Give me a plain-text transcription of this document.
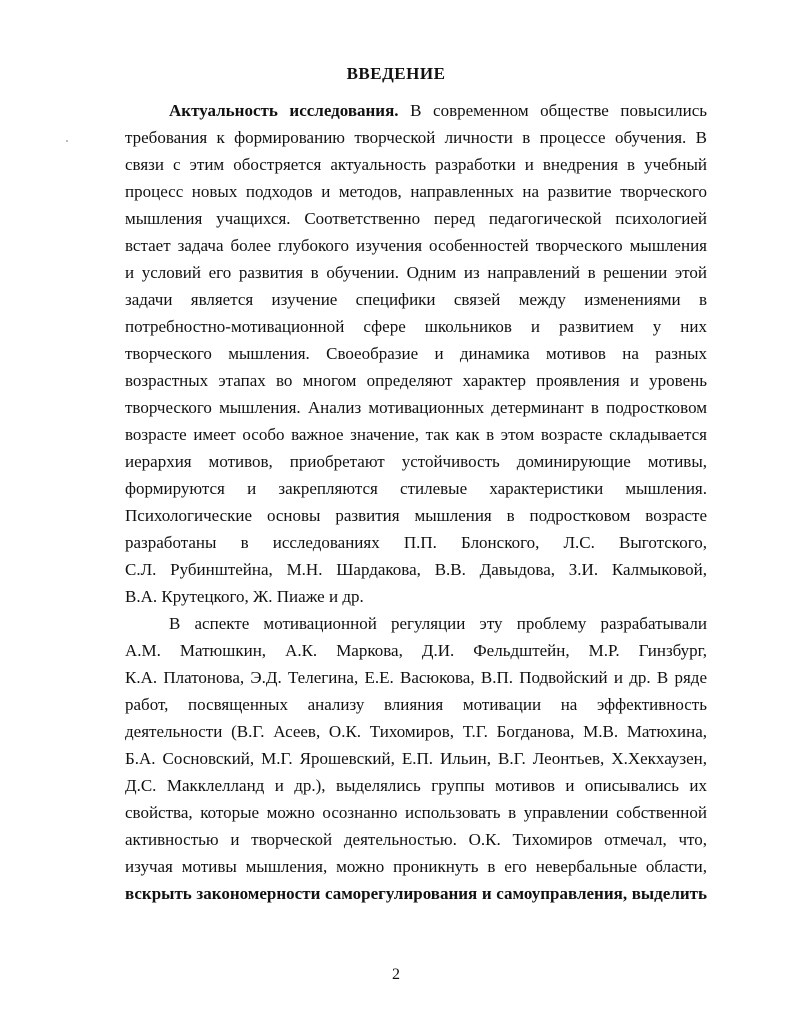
ВВЕДЕНИЕ
Актуальность исследования. В современном обществе повысились
требования к формированию творческой личности в процессе обучения. В
связи с этим обостряется актуальность разработки и внедрения в учебный
процесс новых подходов и методов, направленных на развитие творческого
мышления учащихся. Соответственно перед педагогической психологией
встает задача более глубокого изучения особенностей творческого мышления
и условий его развития в обучении. Одним из направлений в решении этой
задачи является изучение специфики связей между изменениями в
потребностно-мотивационной сфере школьников и развитием у них
творческого мышления. Своеобразие и динамика мотивов на разных
возрастных этапах во многом определяют характер проявления и уровень
творческого мышления. Анализ мотивационных детерминант в подростковом
возрасте имеет особо важное значение, так как в этом возрасте складывается
иерархия мотивов, приобретают устойчивость доминирующие мотивы,
формируются и закрепляются стилевые характеристики мышления.
Психологические основы развития мышления в подростковом возрасте
разработаны в исследованиях П.П. Блонского, Л.С. Выготского,
С.Л. Рубинштейна, М.Н. Шардакова, В.В. Давыдова, З.И. Калмыковой,
В.А. Крутецкого, Ж. Пиаже и др.
В аспекте мотивационной регуляции эту проблему разрабатывали
А.М. Матюшкин, А.К. Маркова, Д.И. Фельдштейн, М.Р. Гинзбург,
К.А. Платонова, Э.Д. Телегина, Е.Е. Васюкова, В.П. Подвойский и др. В ряде
работ, посвященных анализу влияния мотивации на эффективность
деятельности (В.Г. Асеев, О.К. Тихомиров, Т.Г. Богданова, М.В. Матюхина,
Б.А. Сосновский, М.Г. Ярошевский, Е.П. Ильин, В.Г. Леонтьев, Х.Хекхаузен,
Д.С. Макклелланд и др.), выделялись группы мотивов и описывались их
свойства, которые можно осознанно использовать в управлении собственной
активностью и творческой деятельностью. О.К. Тихомиров отмечал, что,
изучая мотивы мышления, можно проникнуть в его невербальные области,
вскрыть закономерности саморегулирования и самоуправления, выделить
2
